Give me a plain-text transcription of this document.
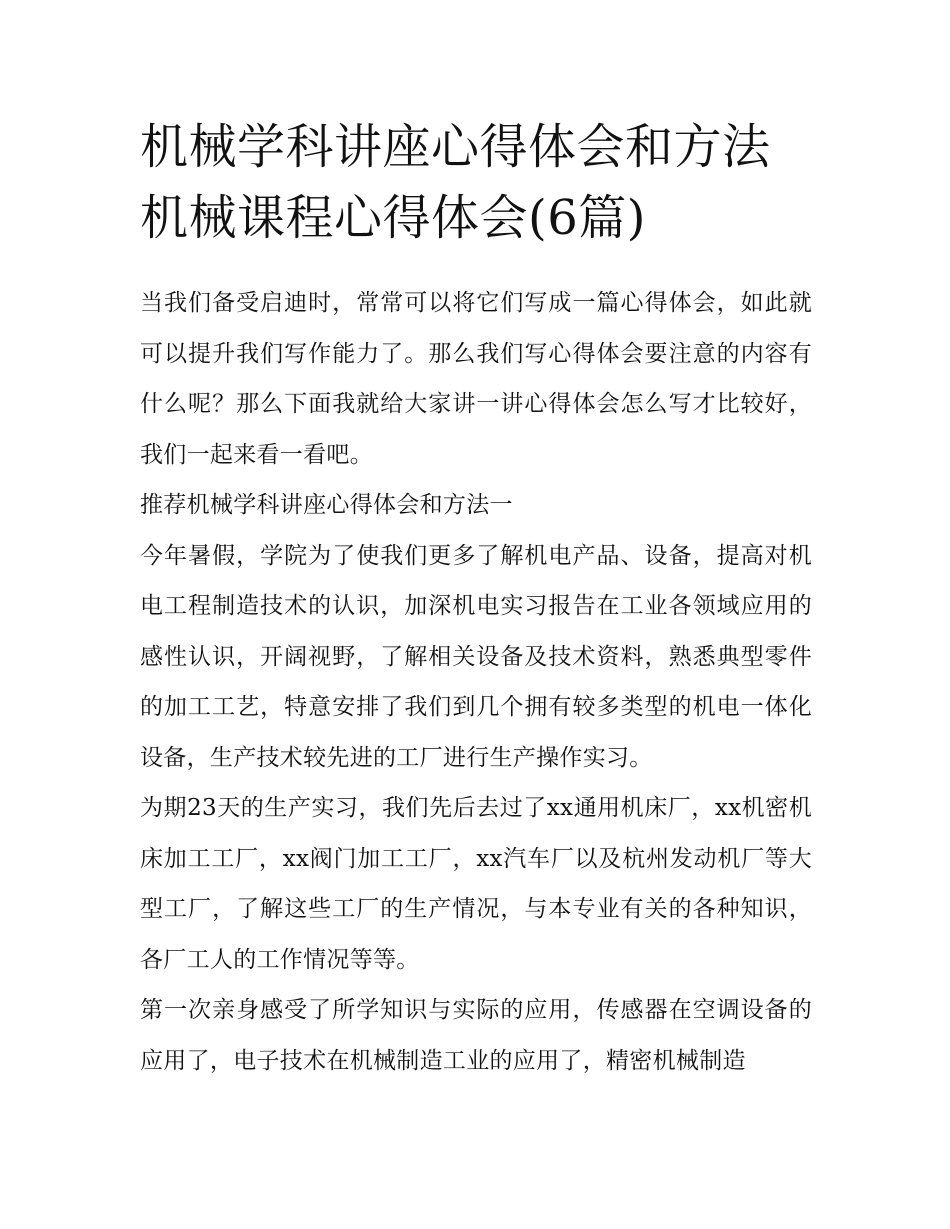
机械学科讲座心得体会和方法
机械课程心得体会(6篇)

当我们备受启迪时，常常可以将它们写成一篇心得体会，如此就可以提升我们写作能力了。那么我们写心得体会要注意的内容有什么呢？那么下面我就给大家讲一讲心得体会怎么写才比较好，我们一起来看一看吧。

推荐机械学科讲座心得体会和方法一

今年暑假，学院为了使我们更多了解机电产品、设备，提高对机电工程制造技术的认识，加深机电实习报告在工业各领域应用的感性认识，开阔视野，了解相关设备及技术资料，熟悉典型零件的加工工艺，特意安排了我们到几个拥有较多类型的机电一体化设备，生产技术较先进的工厂进行生产操作实习。

为期23天的生产实习，我们先后去过了xx通用机床厂，xx机密机床加工工厂，xx阀门加工工厂，xx汽车厂以及杭州发动机厂等大型工厂，了解这些工厂的生产情况，与本专业有关的各种知识，各厂工人的工作情况等等。

第一次亲身感受了所学知识与实际的应用，传感器在空调设备的应用了，电子技术在机械制造工业的应用了，精密机械制造
